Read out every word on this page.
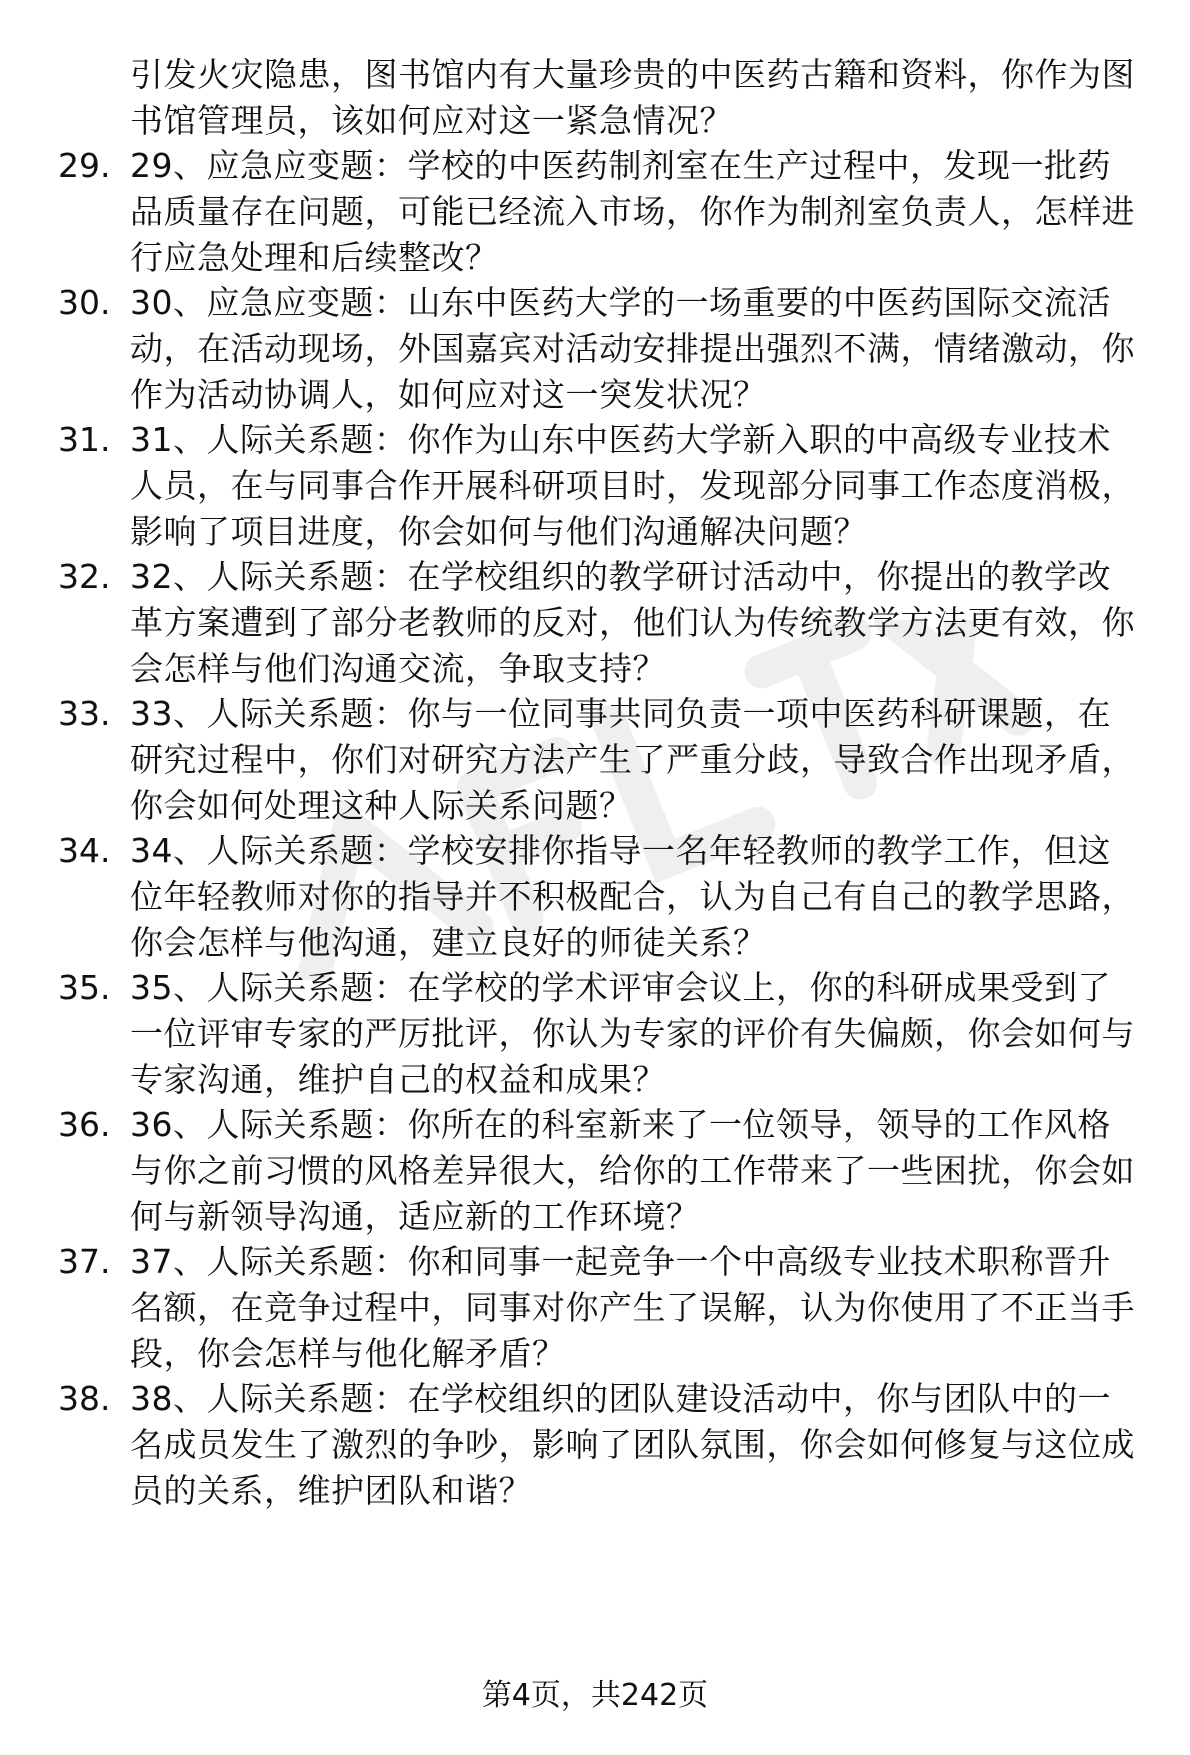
引发火灾隐患，图书馆内有大量珍贵的中医药古籍和资料，你作为图书馆管理员，该如何应对这一紧急情况？
29. 29、应急应变题：学校的中医药制剂室在生产过程中，发现一批药品质量存在问题，可能已经流入市场，你作为制剂室负责人，怎样进行应急处理和后续整改？
30. 30、应急应变题：山东中医药大学的一场重要的中医药国际交流活动，在活动现场，外国嘉宾对活动安排提出强烈不满，情绪激动，你作为活动协调人，如何应对这一突发状况？
31. 31、人际关系题：你作为山东中医药大学新入职的中高级专业技术人员，在与同事合作开展科研项目时，发现部分同事工作态度消极，影响了项目进度，你会如何与他们沟通解决问题？
32. 32、人际关系题：在学校组织的教学研讨活动中，你提出的教学改革方案遭到了部分老教师的反对，他们认为传统教学方法更有效，你会怎样与他们沟通交流，争取支持？
33. 33、人际关系题：你与一位同事共同负责一项中医药科研课题，在研究过程中，你们对研究方法产生了严重分歧，导致合作出现矛盾，你会如何处理这种人际关系问题？
34. 34、人际关系题：学校安排你指导一名年轻教师的教学工作，但这位年轻教师对你的指导并不积极配合，认为自己有自己的教学思路，你会怎样与他沟通，建立良好的师徒关系？
35. 35、人际关系题：在学校的学术评审会议上，你的科研成果受到了一位评审专家的严厉批评，你认为专家的评价有失偏颇，你会如何与专家沟通，维护自己的权益和成果？
36. 36、人际关系题：你所在的科室新来了一位领导，领导的工作风格与你之前习惯的风格差异很大，给你的工作带来了一些困扰，你会如何与新领导沟通，适应新的工作环境？
37. 37、人际关系题：你和同事一起竞争一个中高级专业技术职称晋升名额，在竞争过程中，同事对你产生了误解，认为你使用了不正当手段，你会怎样与他化解矛盾？
38. 38、人际关系题：在学校组织的团队建设活动中，你与团队中的一名成员发生了激烈的争吵，影响了团队氛围，你会如何修复与这位成员的关系，维护团队和谐？
第4页，共242页
